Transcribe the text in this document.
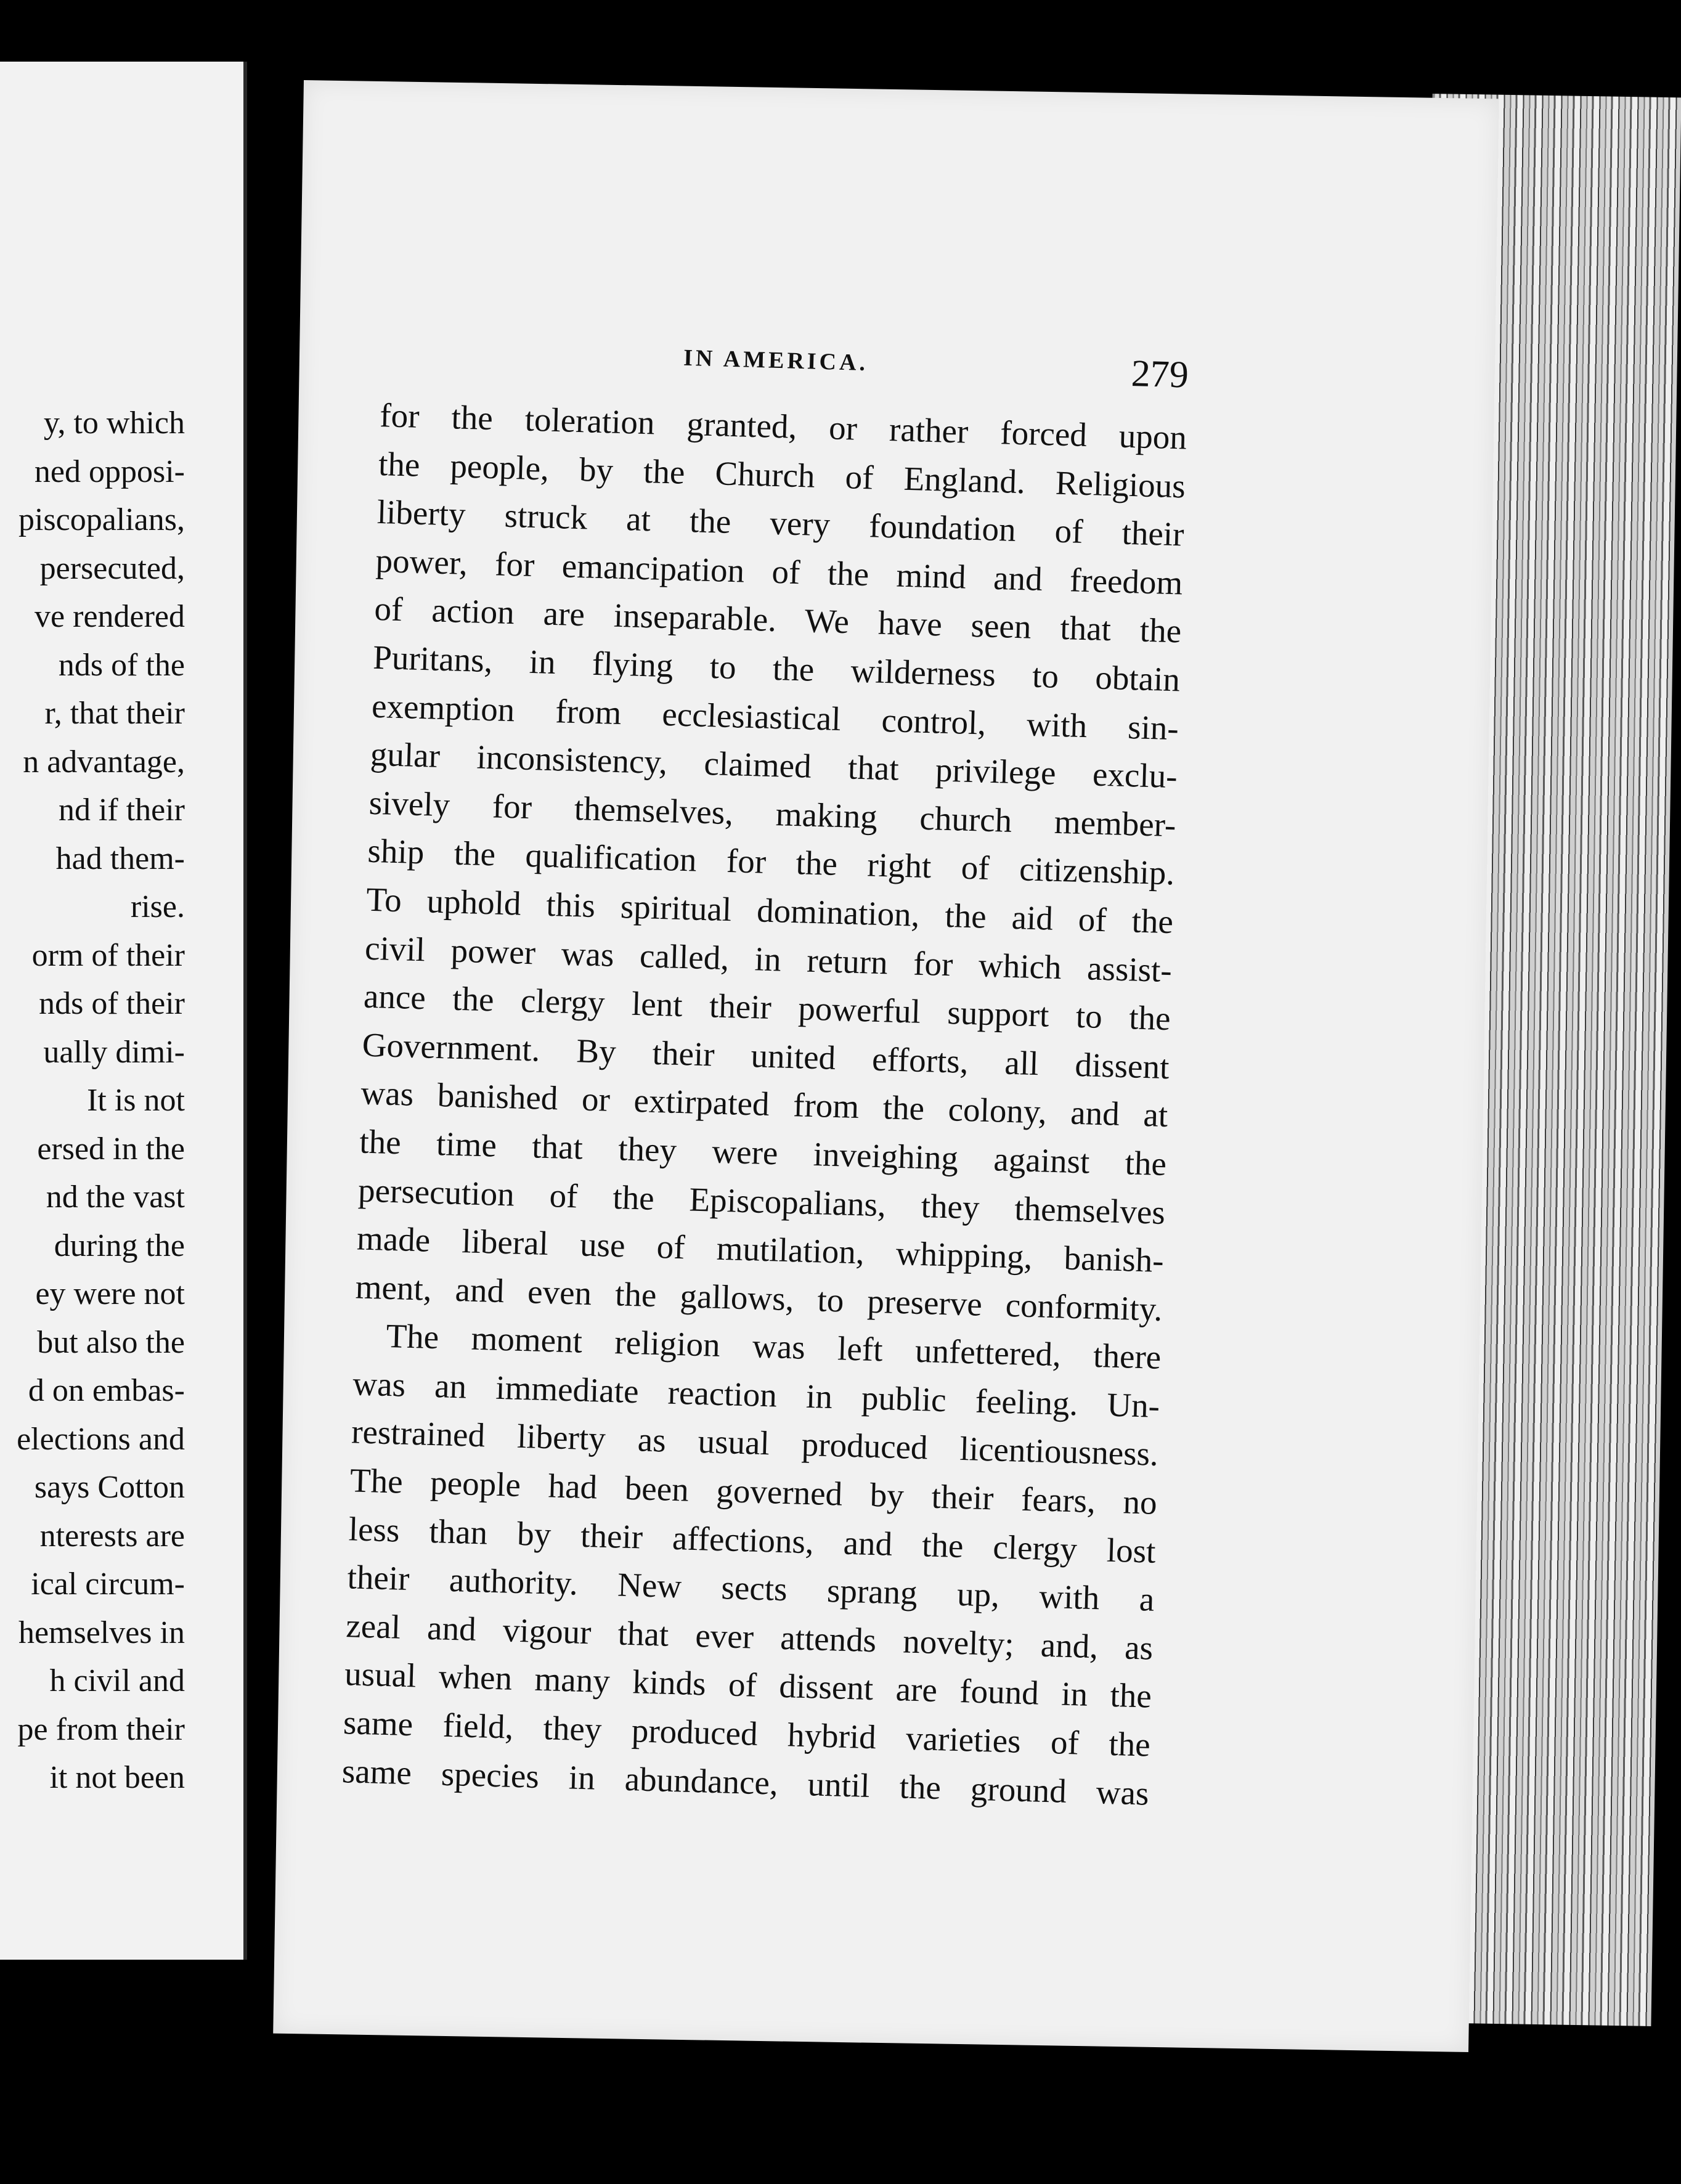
y, to which
ned opposi-
piscopalians,
persecuted,
ve rendered
nds of the
r, that their
n advantage,
nd if their
had them-
rise.
orm of their
nds of their
ually dimi-
It is not
ersed in the
nd the vast
during the
ey were not
but also the
d on embas-
elections and
says Cotton
nterests are
ical circum-
hemselves in
h civil and
pe from their
it not been
IN AMERICA.	279
for the toleration granted, or rather forced upon
the people, by the Church of England. Religious
liberty struck at the very foundation of their
power, for emancipation of the mind and freedom
of action are inseparable. We have seen that the
Puritans, in flying to the wilderness to obtain
exemption from ecclesiastical control, with sin-
gular inconsistency, claimed that privilege exclu-
sively for themselves, making church member-
ship the qualification for the right of citizenship.
To uphold this spiritual domination, the aid of the
civil power was called, in return for which assist-
ance the clergy lent their powerful support to the
Government. By their united efforts, all dissent
was banished or extirpated from the colony, and at
the time that they were inveighing against the
persecution of the Episcopalians, they themselves
made liberal use of mutilation, whipping, banish-
ment, and even the gallows, to preserve conformity.
The moment religion was left unfettered, there
was an immediate reaction in public feeling. Un-
restrained liberty as usual produced licentiousness.
The people had been governed by their fears, no
less than by their affections, and the clergy lost
their authority. New sects sprang up, with a
zeal and vigour that ever attends novelty; and, as
usual when many kinds of dissent are found in the
same field, they produced hybrid varieties of the
same species in abundance, until the ground was
